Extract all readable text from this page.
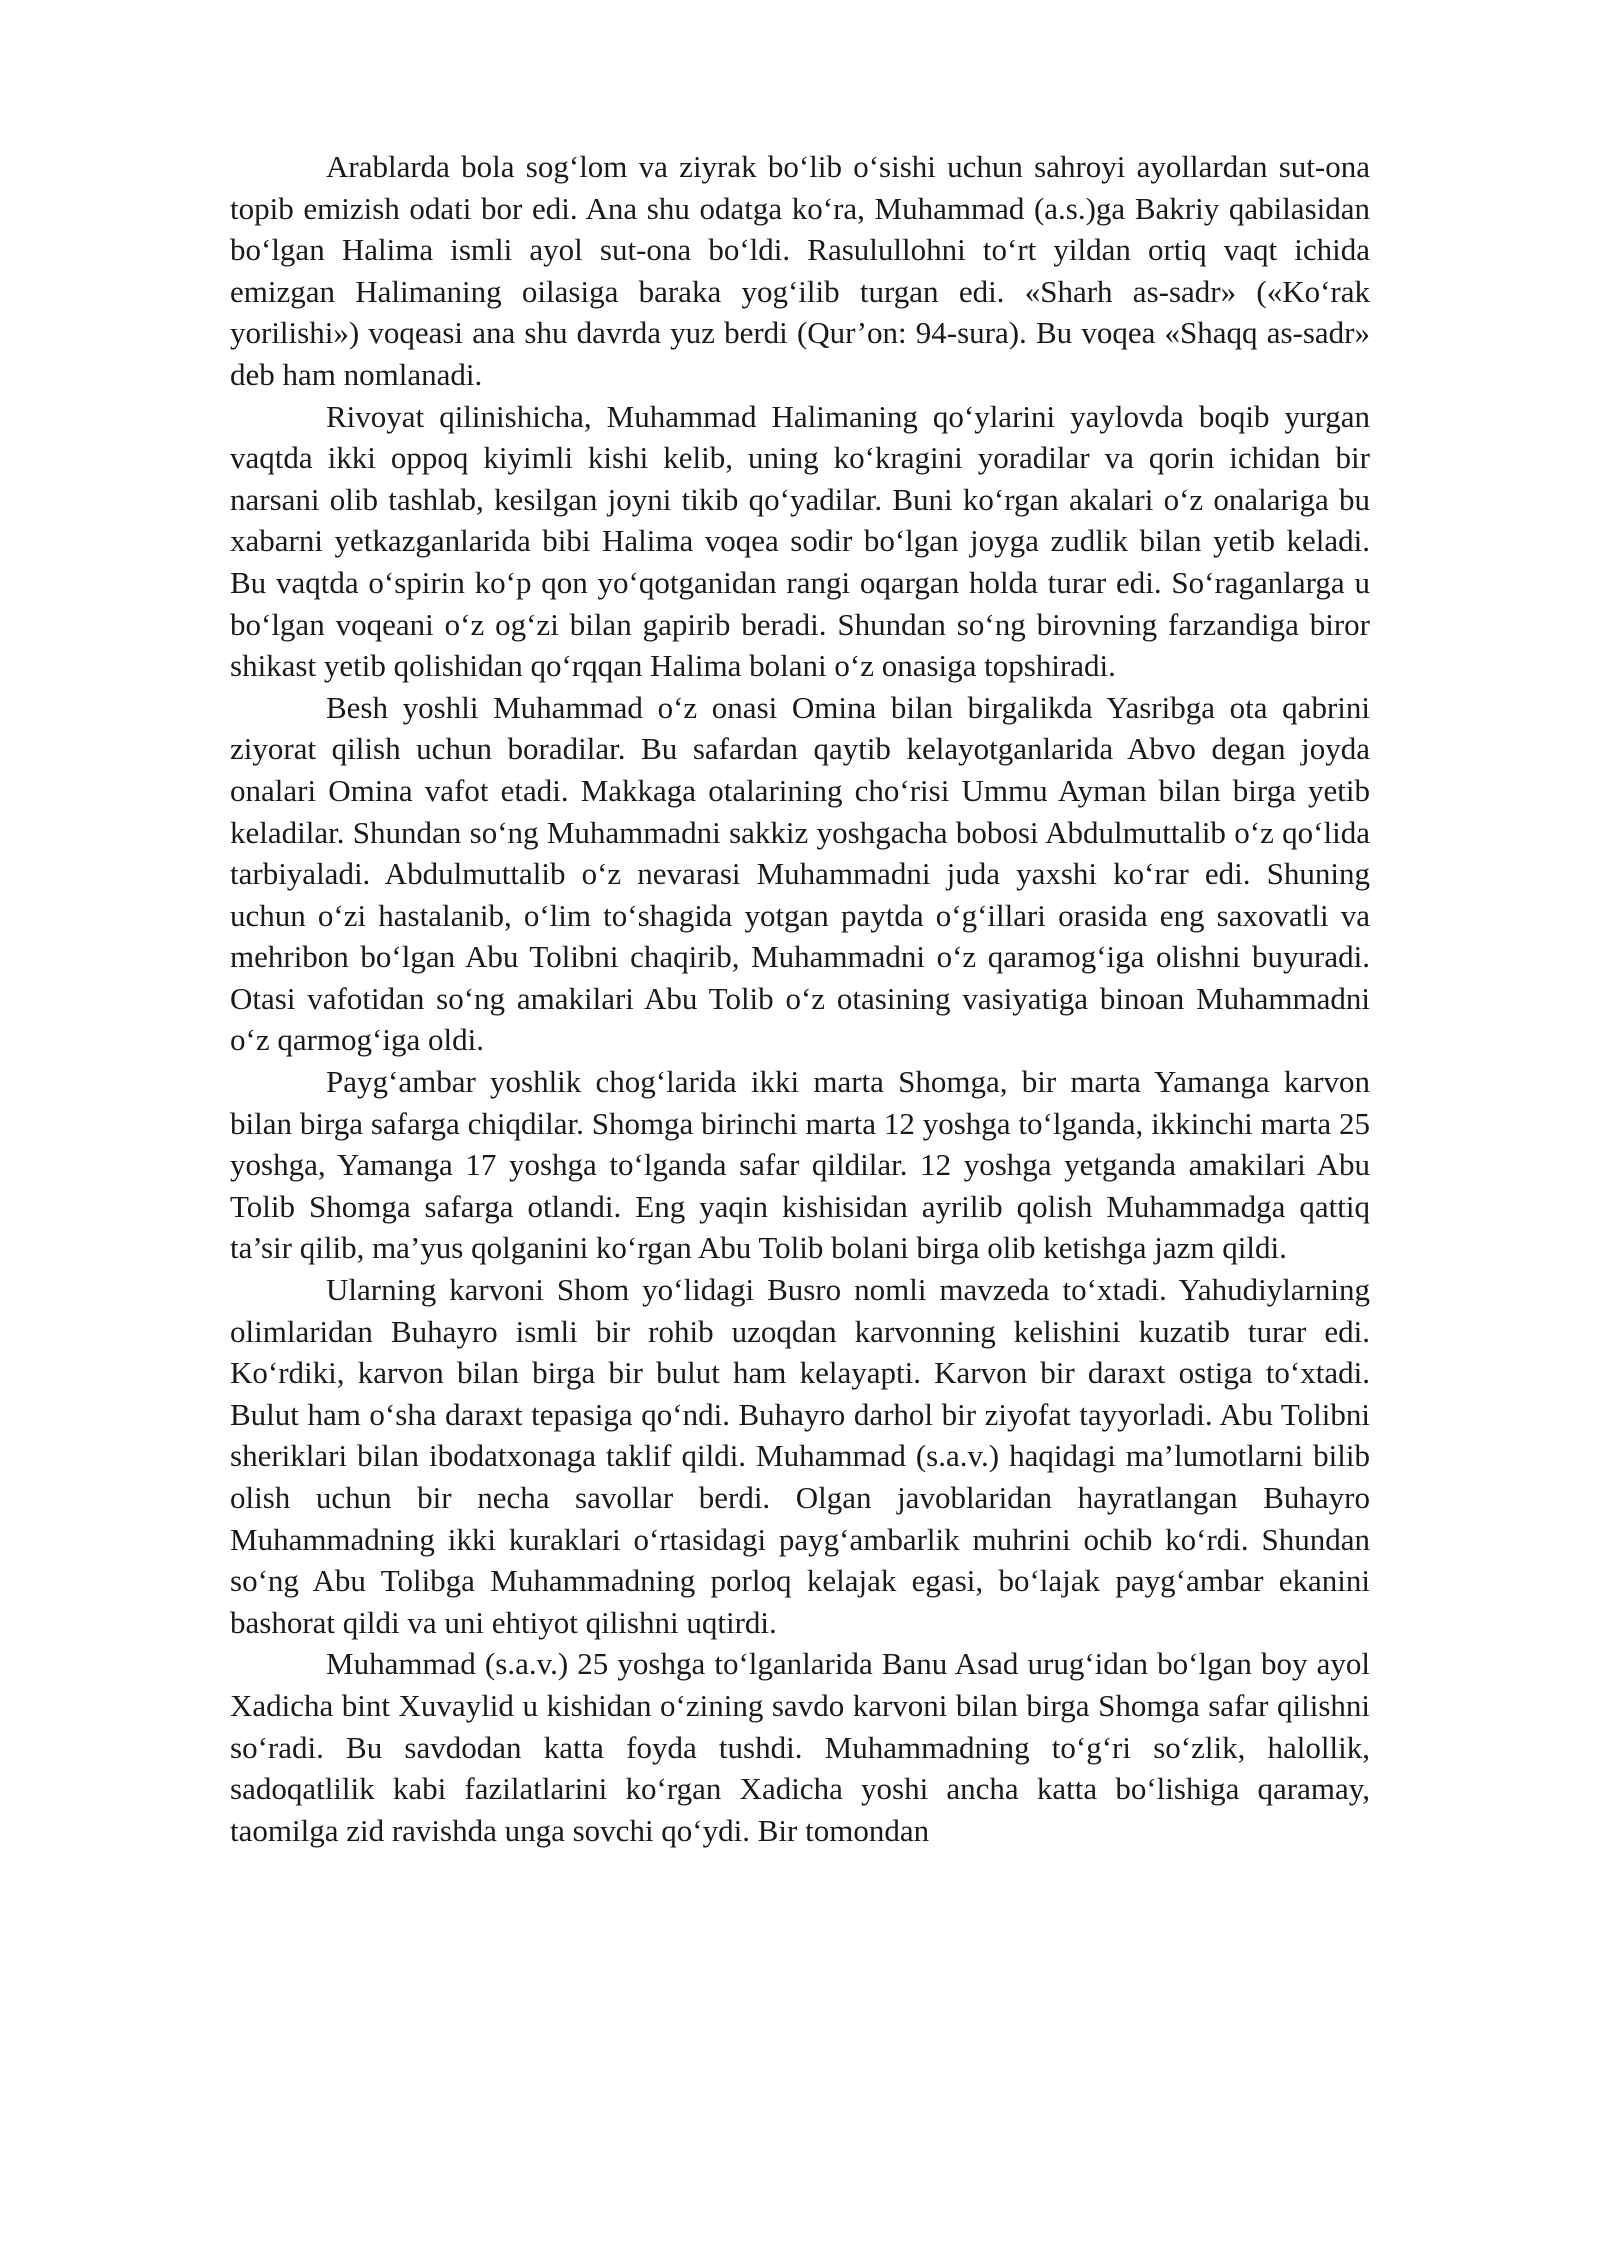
Arablarda bola sog‘lom va ziyrak bo‘lib o‘sishi uchun sahroyi ayollardan sut-ona topib emizish odati bor edi. Ana shu odatga ko‘ra, Muhammad (a.s.)ga Bakriy qabilasidan bo‘lgan Halima ismli ayol sut-ona bo‘ldi. Rasulullohni to‘rt yildan ortiq vaqt ichida emizgan Halimaning oilasiga baraka yog‘ilib turgan edi. «Sharh as-sadr» («Ko‘rak yorilishi») voqeasi ana shu davrda yuz berdi (Qur’on: 94-sura). Bu voqea «Shaqq as-sadr» deb ham nomlanadi.

Rivoyat qilinishicha, Muhammad Halimaning qo‘ylarini yaylovda boqib yurgan vaqtda ikki oppoq kiyimli kishi kelib, uning ko‘kragini yoradilar va qorin ichidan bir narsani olib tashlab, kesilgan joyni tikib qo‘yadilar. Buni ko‘rgan akalari o‘z onalariga bu xabarni yetkazganlarida bibi Halima voqea sodir bo‘lgan joyga zudlik bilan yetib keladi. Bu vaqtda o‘spirin ko‘p qon yo‘qotganidan rangi oqargan holda turar edi. So‘raganlarga u bo‘lgan voqeani o‘z og‘zi bilan gapirib beradi. Shundan so‘ng birovning farzandiga biror shikast yetib qolishidan qo‘rqqan Halima bolani o‘z onasiga topshiradi.

Besh yoshli Muhammad o‘z onasi Omina bilan birgalikda Yasribga ota qabrini ziyorat qilish uchun boradilar. Bu safardan qaytib kelayotganlarida Abvo degan joyda onalari Omina vafot etadi. Makkaga otalarining cho‘risi Ummu Ayman bilan birga yetib keladilar. Shundan so‘ng Muhammadni sakkiz yoshgacha bobosi Abdulmuttalib o‘z qo‘lida tarbiyaladi. Abdulmuttalib o‘z nevarasi Muhammadni juda yaxshi ko‘rar edi. Shuning uchun o‘zi hastalanib, o‘lim to‘shagida yotgan paytda o‘g‘illari orasida eng saxovatli va mehribon bo‘lgan Abu Tolibni chaqirib, Muhammadni o‘z qaramog‘iga olishni buyuradi. Otasi vafotidan so‘ng amakilari Abu Tolib o‘z otasining vasiyatiga binoan Muhammadni o‘z qarmog‘iga oldi.

Payg‘ambar yoshlik chog‘larida ikki marta Shomga, bir marta Yamanga karvon bilan birga safarga chiqdilar. Shomga birinchi marta 12 yoshga to‘lganda, ikkinchi marta 25 yoshga, Yamanga 17 yoshga to‘lganda safar qildilar. 12 yoshga yetganda amakilari Abu Tolib Shomga safarga otlandi. Eng yaqin kishisidan ayrilib qolish Muhammadga qattiq ta’sir qilib, ma’yus qolganini ko‘rgan Abu Tolib bolani birga olib ketishga jazm qildi.

Ularning karvoni Shom yo‘lidagi Busro nomli mavzeda to‘xtadi. Yahudiylarning olimlaridan Buhayro ismli bir rohib uzoqdan karvonning kelishini kuzatib turar edi. Ko‘rdiki, karvon bilan birga bir bulut ham kelayapti. Karvon bir daraxt ostiga to‘xtadi. Bulut ham o‘sha daraxt tepasiga qo‘ndi. Buhayro darhol bir ziyofat tayyorladi. Abu Tolibni sheriklari bilan ibodatxonaga taklif qildi. Muhammad (s.a.v.) haqidagi ma’lumotlarni bilib olish uchun bir necha savollar berdi. Olgan javoblaridan hayratlangan Buhayro Muhammadning ikki kuraklari o‘rtasidagi payg‘ambarlik muhrini ochib ko‘rdi. Shundan so‘ng Abu Tolibga Muhammadning porloq kelajak egasi, bo‘lajak payg‘ambar ekanini bashorat qildi va uni ehtiyot qilishni uqtirdi.

Muhammad (s.a.v.) 25 yoshga to‘lganlarida Banu Asad urug‘idan bo‘lgan boy ayol Xadicha bint Xuvaylid u kishidan o‘zining savdo karvoni bilan birga Shomga safar qilishni so‘radi. Bu savdodan katta foyda tushdi. Muhammadning to‘g‘ri so‘zlik, halollik, sadoqatlilik kabi fazilatlarini ko‘rgan Xadicha yoshi ancha katta bo‘lishiga qaramay, taomilga zid ravishda unga sovchi qo‘ydi. Bir tomondan
